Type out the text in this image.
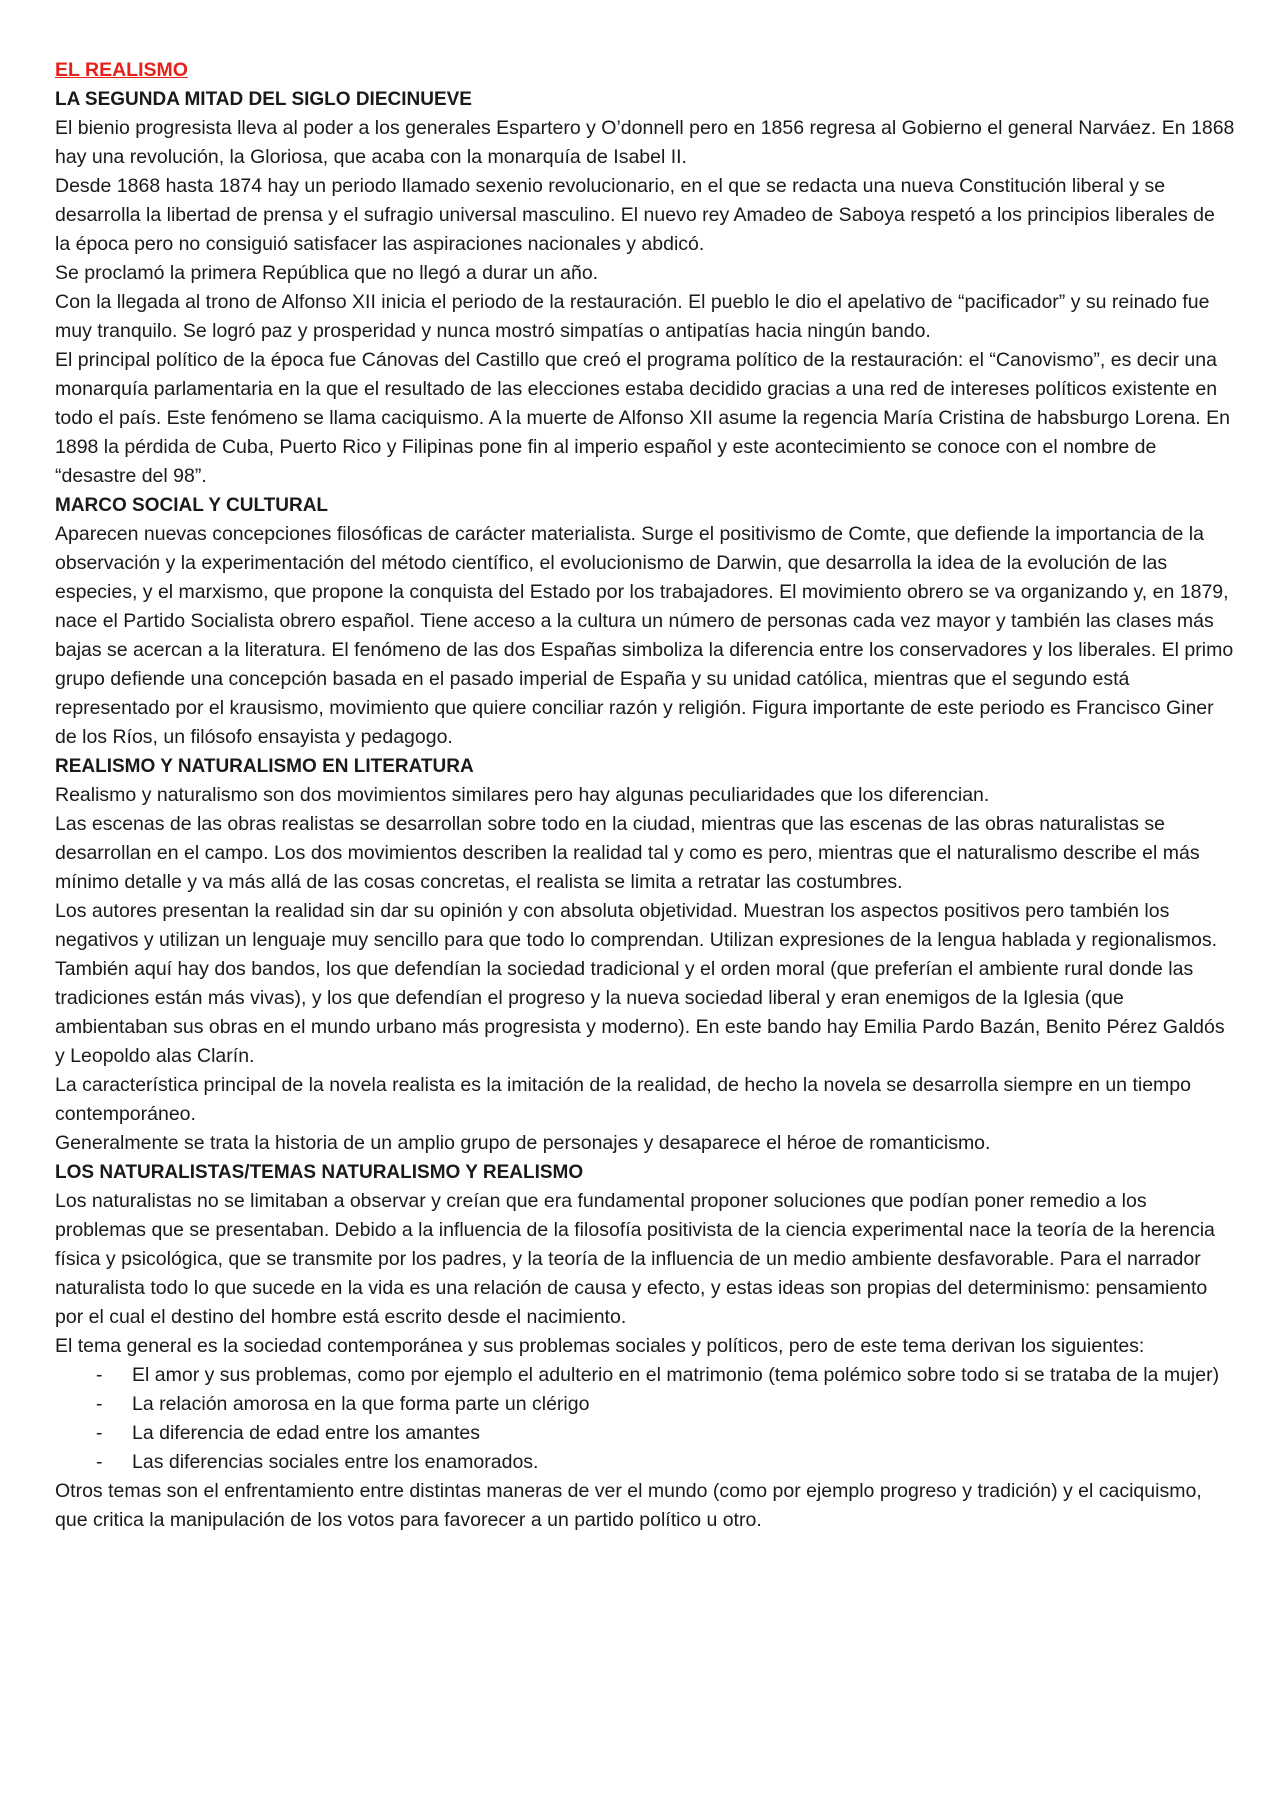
EL REALISMO
LA SEGUNDA MITAD DEL SIGLO DIECINUEVE

El bienio progresista lleva al poder a los generales Espartero y O’donnell pero en 1856 regresa al Gobierno el general Narváez. En 1868 hay una revolución, la Gloriosa, que acaba con la monarquía de Isabel II.

Desde 1868 hasta 1874 hay un periodo llamado sexenio revolucionario, en el que se redacta una nueva Constitución liberal y se desarrolla la libertad de prensa y el sufragio universal masculino. El nuevo rey Amadeo de Saboya respetó a los principios liberales de la época pero no consiguió satisfacer las aspiraciones nacionales y abdicó.

Se proclamó la primera República que no llegó a durar un año.

Con la llegada al trono de Alfonso XII inicia el periodo de la restauración. El pueblo le dio el apelativo de “pacificador” y su reinado fue muy tranquilo. Se logró paz y prosperidad y nunca mostró simpatías o antipatías hacia ningún bando.

El principal político de la época fue Cánovas del Castillo que creó el programa político de la restauración: el “Canovismo”, es decir una monarquía parlamentaria en la que el resultado de las elecciones estaba decidido gracias a una red de intereses políticos existente en todo el país. Este fenómeno se llama caciquismo. A la muerte de Alfonso XII asume la regencia María Cristina de habsburgo Lorena. En 1898 la pérdida de Cuba, Puerto Rico y Filipinas pone fin al imperio español y este acontecimiento se conoce con el nombre de “desastre del 98”.

MARCO SOCIAL Y CULTURAL

Aparecen nuevas concepciones filosóficas de carácter materialista. Surge el positivismo de Comte, que defiende la importancia de la observación y la experimentación del método científico, el evolucionismo de Darwin, que desarrolla la idea de la evolución de las especies, y el marxismo, que propone la conquista del Estado por los trabajadores. El movimiento obrero se va organizando y, en 1879, nace el Partido Socialista obrero español. Tiene acceso a la cultura un número de personas cada vez mayor y también las clases más bajas se acercan a la literatura. El fenómeno de las dos Españas simboliza la diferencia entre los conservadores y los liberales. El primo grupo defiende una concepción basada en el pasado imperial de España y su unidad católica, mientras que el segundo está representado por el krausismo, movimiento que quiere conciliar razón y religión. Figura importante de este periodo es Francisco Giner de los Ríos, un filósofo ensayista y pedagogo.

REALISMO Y NATURALISMO EN LITERATURA

Realismo y naturalismo son dos movimientos similares pero hay algunas peculiaridades que los diferencian.

Las escenas de las obras realistas se desarrollan sobre todo en la ciudad, mientras que las escenas de las obras naturalistas se desarrollan en el campo. Los dos movimientos describen la realidad tal y como es pero, mientras que el naturalismo describe el más mínimo detalle y va más allá de las cosas concretas, el realista se limita a retratar las costumbres.

Los autores presentan la realidad sin dar su opinión y con absoluta objetividad. Muestran los aspectos positivos pero también los negativos y utilizan un lenguaje muy sencillo para que todo lo comprendan. Utilizan expresiones de la lengua hablada y regionalismos. También aquí hay dos bandos, los que defendían la sociedad tradicional y el orden moral (que preferían el ambiente rural donde las tradiciones están más vivas), y los que defendían el progreso y la nueva sociedad liberal y eran enemigos de la Iglesia (que ambientaban sus obras en el mundo urbano más progresista y moderno). En este bando hay Emilia Pardo Bazán, Benito Pérez Galdós y Leopoldo alas Clarín.

La característica principal de la novela realista es la imitación de la realidad, de hecho la novela se desarrolla siempre en un tiempo contemporáneo.

Generalmente se trata la historia de un amplio grupo de personajes y desaparece el héroe de romanticismo.

LOS NATURALISTAS/TEMAS NATURALISMO Y REALISMO

Los naturalistas no se limitaban a observar y creían que era fundamental proponer soluciones que podían poner remedio a los problemas que se presentaban. Debido a la influencia de la filosofía positivista de la ciencia experimental nace la teoría de la herencia física y psicológica, que se transmite por los padres, y la teoría de la influencia de un medio ambiente desfavorable. Para el narrador naturalista todo lo que sucede en la vida es una relación de causa y efecto, y estas ideas son propias del determinismo: pensamiento por el cual el destino del hombre está escrito desde el nacimiento.

El tema general es la sociedad contemporánea y sus problemas sociales y políticos, pero de este tema derivan los siguientes:

- El amor y sus problemas, como por ejemplo el adulterio en el matrimonio (tema polémico sobre todo si se trataba de la mujer)
- La relación amorosa en la que forma parte un clérigo
- La diferencia de edad entre los amantes
- Las diferencias sociales entre los enamorados.

Otros temas son el enfrentamiento entre distintas maneras de ver el mundo (como por ejemplo progreso y tradición) y el caciquismo, que critica la manipulación de los votos para favorecer a un partido político u otro.
